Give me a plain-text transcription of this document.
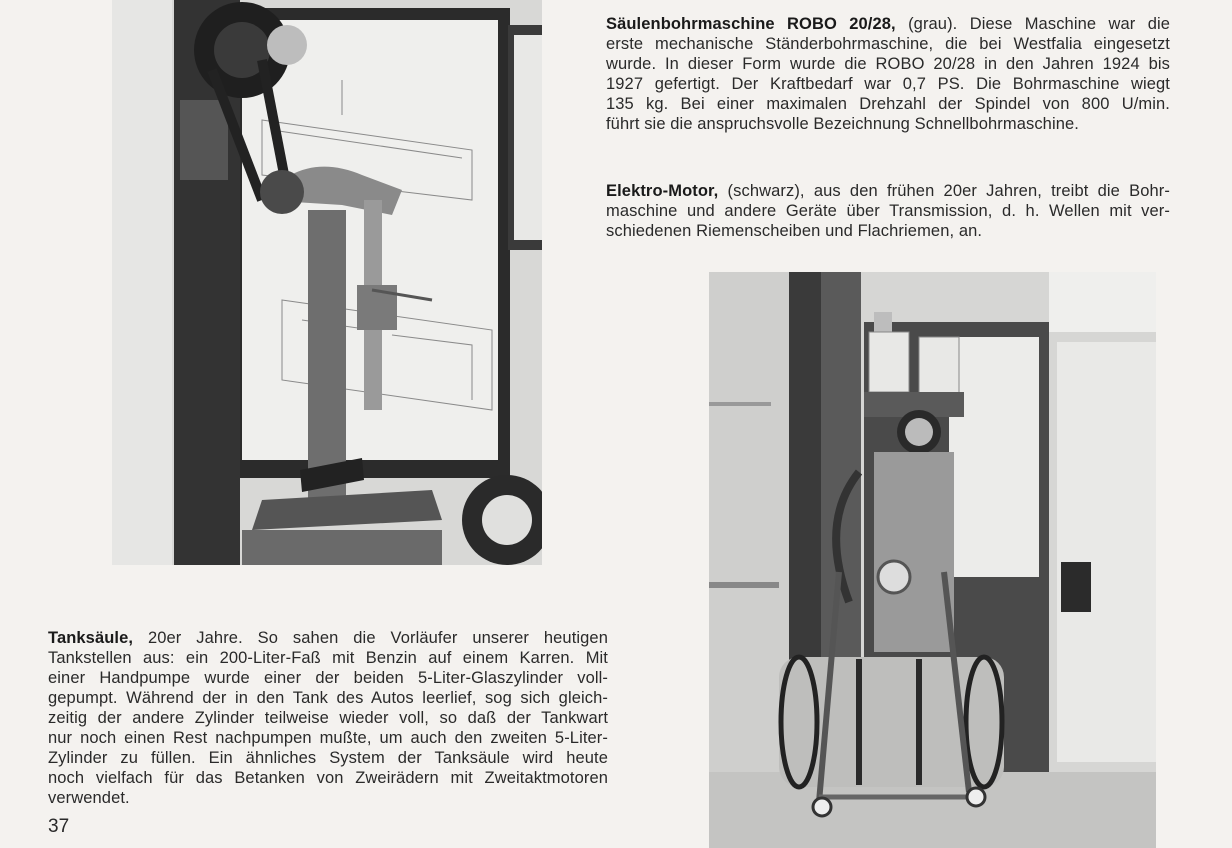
Säulenbohrmaschine ROBO 20/28, (grau). Diese Maschine war die
erste mechanische Ständerbohrmaschine, die bei Westfalia eingesetzt
wurde. In dieser Form wurde die ROBO 20/28 in den Jahren 1924 bis
1927 gefertigt. Der Kraftbedarf war 0,7 PS. Die Bohrmaschine wiegt
135 kg. Bei einer maximalen Drehzahl der Spindel von 800 U/min.
führt sie die anspruchsvolle Bezeichnung Schnellbohrmaschine.
Elektro-Motor, (schwarz), aus den frühen 20er Jahren, treibt die Bohr-
maschine und andere Geräte über Transmission, d. h. Wellen mit ver-
schiedenen Riemenscheiben und Flachriemen, an.
Tanksäule, 20er Jahre. So sahen die Vorläufer unserer heutigen
Tankstellen aus: ein 200-Liter-Faß mit Benzin auf einem Karren. Mit
einer Handpumpe wurde einer der beiden 5-Liter-Glaszylinder voll-
gepumpt. Während der in den Tank des Autos leerlief, sog sich gleich-
zeitig der andere Zylinder teilweise wieder voll, so daß der Tankwart
nur noch einen Rest nachpumpen mußte, um auch den zweiten 5-Liter-
Zylinder zu füllen. Ein ähnliches System der Tanksäule wird heute
noch vielfach für das Betanken von Zweirädern mit Zweitaktmotoren
verwendet.
37
